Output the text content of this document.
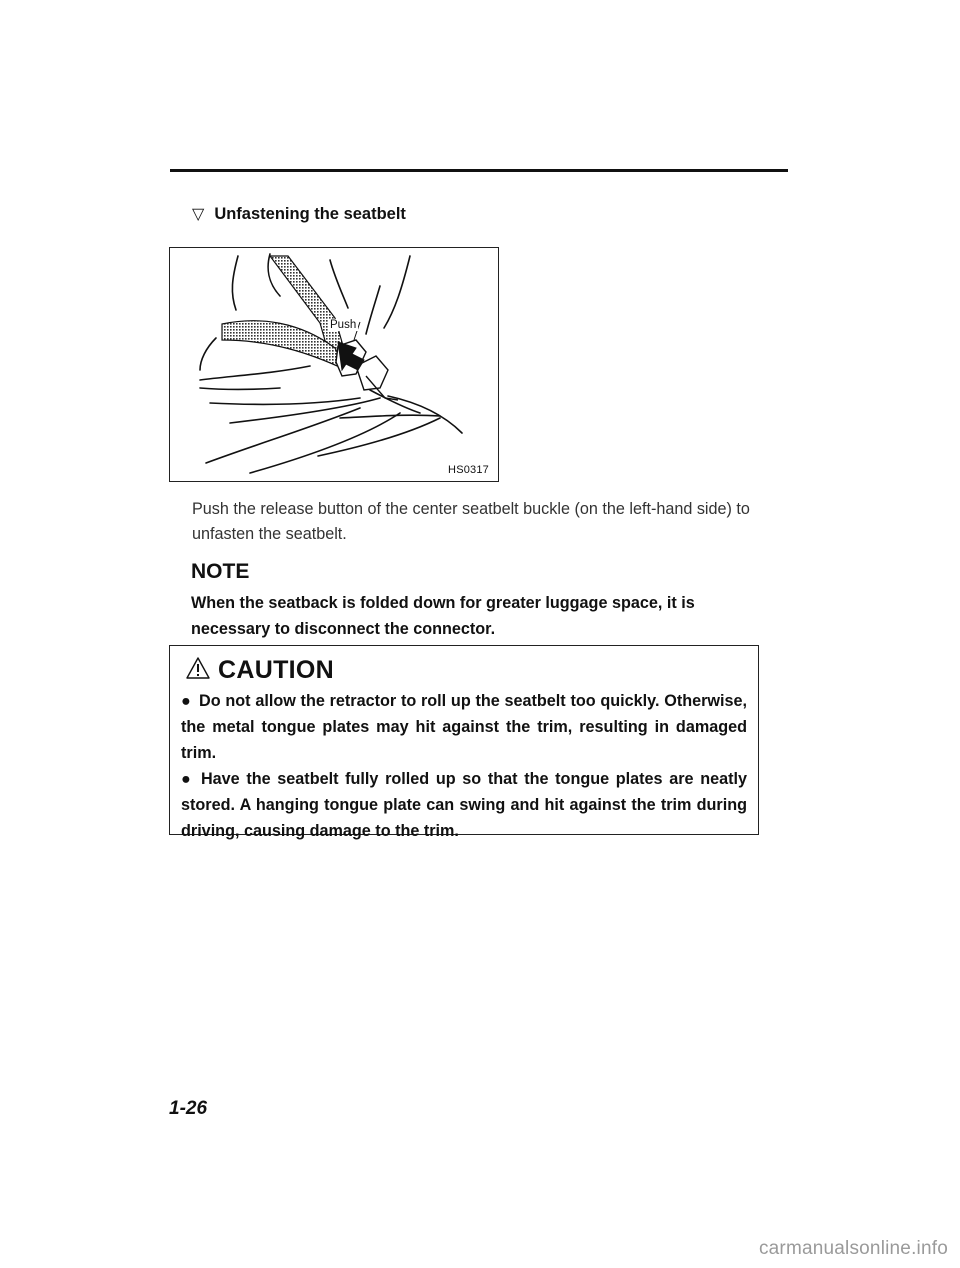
▽ Unfastening the seatbelt
Push
HS0317
Push the release button of the center seatbelt buckle (on the left-hand side) to unfasten the seatbelt.
NOTE
When the seatback is folded down for greater luggage space, it is necessary to disconnect the connector.
CAUTION
● Do not allow the retractor to roll up the seatbelt too quickly. Otherwise, the metal tongue plates may hit against the trim, resulting in damaged trim.
● Have the seatbelt fully rolled up so that the tongue plates are neatly stored. A hanging tongue plate can swing and hit against the trim during driving, causing damage to the trim.
1-26
carmanualsonline.info
